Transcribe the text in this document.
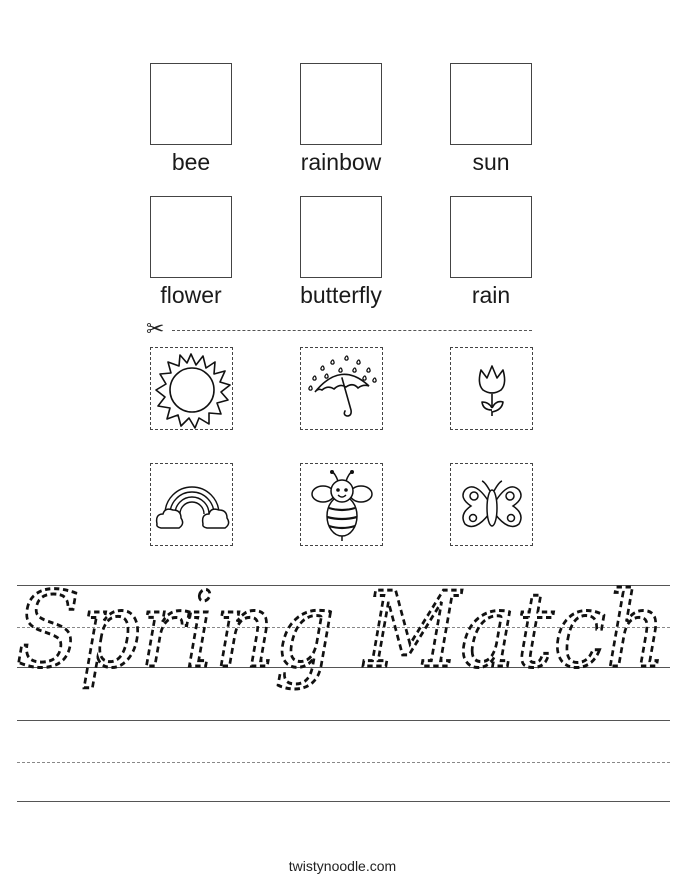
bee	rainbow	sun
flower	butterfly	rain
✂
Spring Match
twistynoodle.com
